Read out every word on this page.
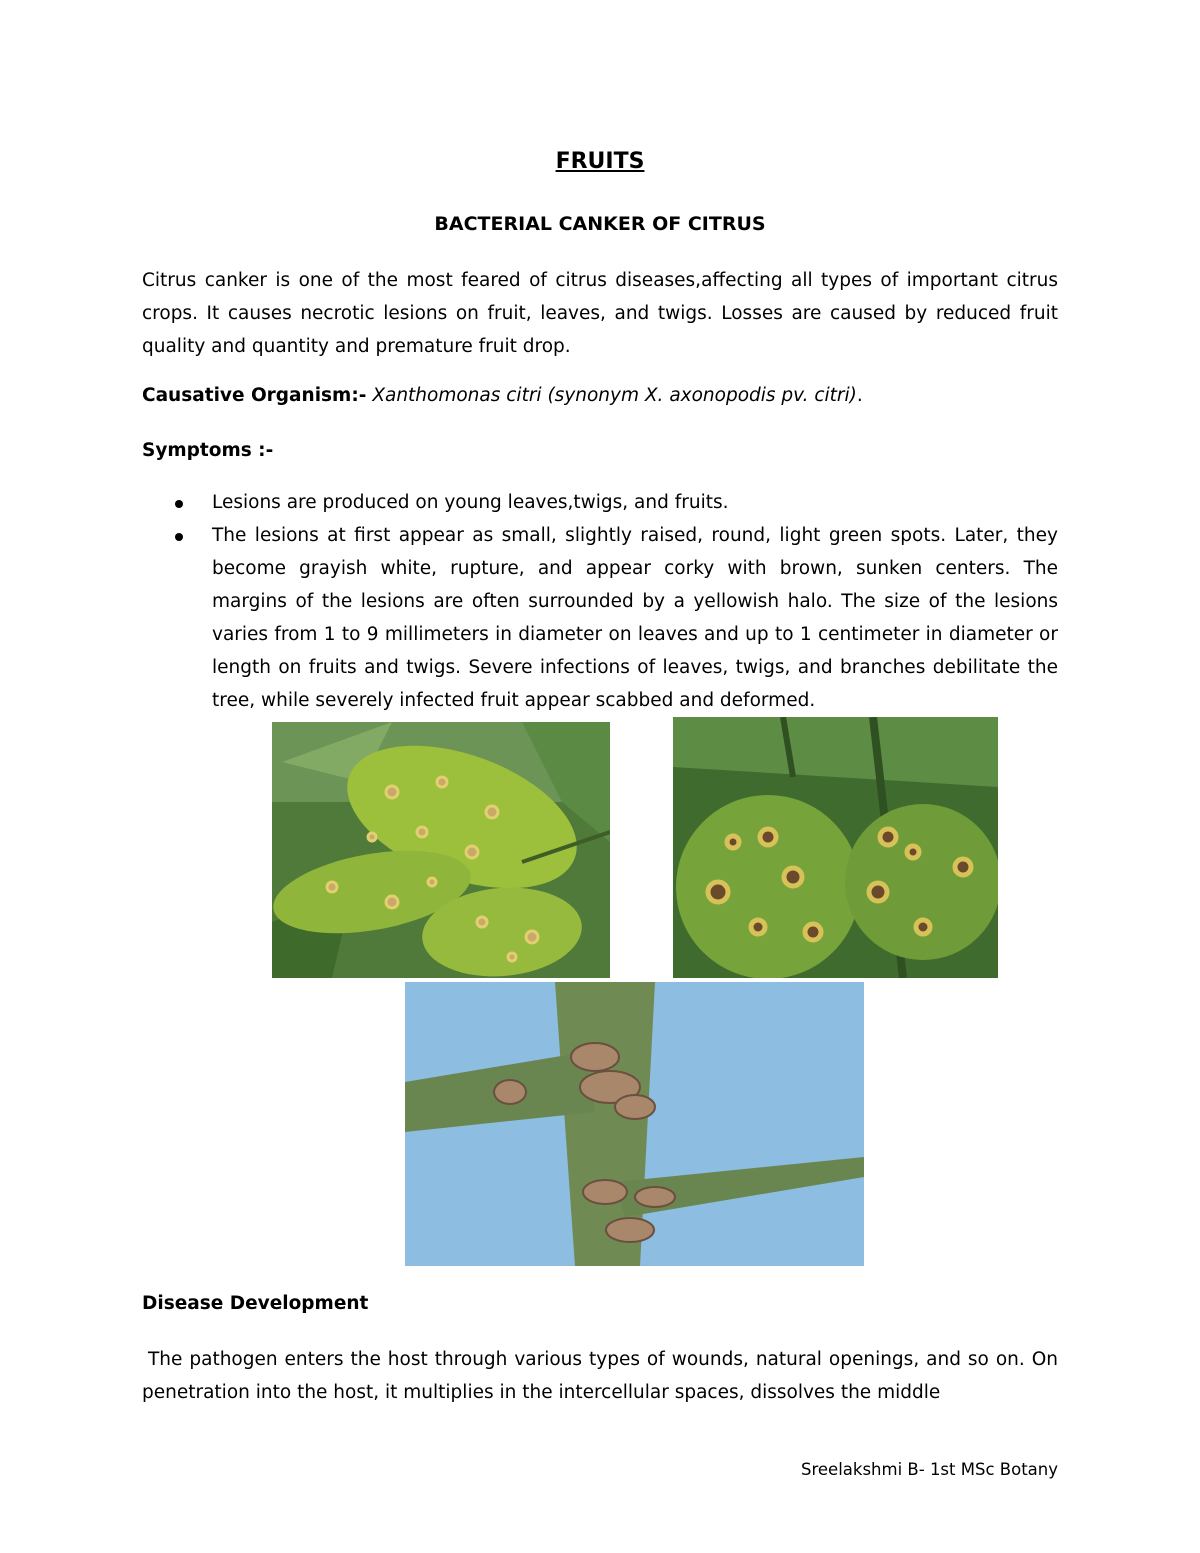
FRUITS
BACTERIAL CANKER OF CITRUS
Citrus canker is one of the most feared of citrus diseases,affecting all types of important citrus crops. It causes necrotic lesions on fruit, leaves, and twigs. Losses are caused by reduced fruit quality and quantity and premature fruit drop.
Causative Organism:- Xanthomonas citri (synonym X. axonopodis pv. citri).
Symptoms :-
Lesions are produced on young leaves,twigs, and fruits.
The lesions at first appear as small, slightly raised, round, light green spots. Later, they become grayish white, rupture, and appear corky with brown, sunken centers. The margins of the lesions are often surrounded by a yellowish halo. The size of the lesions varies from 1 to 9 millimeters in diameter on leaves and up to 1 centimeter in diameter or length on fruits and twigs. Severe infections of leaves, twigs, and branches debilitate the tree, while severely infected fruit appear scabbed and deformed.
Disease Development
The pathogen enters the host through various types of wounds, natural openings, and so on. On penetration into the host, it multiplies in the intercellular spaces, dissolves the middle
Sreelakshmi B- 1st MSc Botany
